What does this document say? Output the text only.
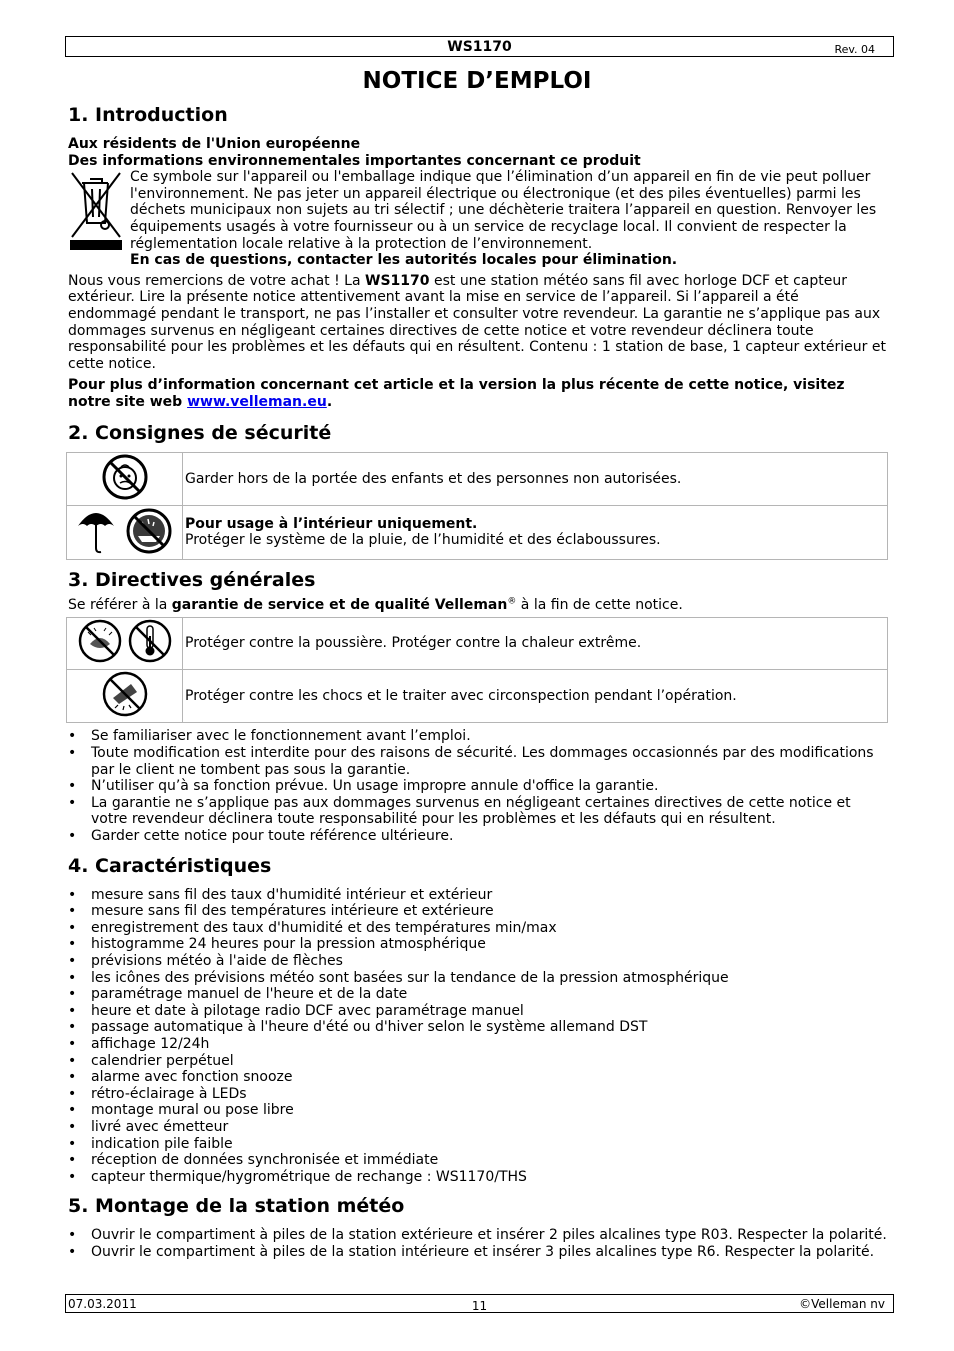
WS1170	Rev. 04
NOTICE D’EMPLOI
1. Introduction

Aux résidents de l'Union européenne

Des informations environnementales importantes concernant ce produit

Ce symbole sur l'appareil ou l'emballage indique que l’élimination d’un appareil en fin de vie peut polluer l'environnement. Ne pas jeter un appareil électrique ou électronique (et des piles éventuelles) parmi les déchets municipaux non sujets au tri sélectif ; une déchèterie traitera l’appareil en question. Renvoyer les équipements usagés à votre fournisseur ou à un service de recyclage local. Il convient de respecter la réglementation locale relative à la protection de l’environnement.

En cas de questions, contacter les autorités locales pour élimination.

Nous vous remercions de votre achat ! La WS1170 est une station météo sans fil avec horloge DCF et capteur extérieur. Lire la présente notice attentivement avant la mise en service de l’appareil. Si l’appareil a été endommagé pendant le transport, ne pas l’installer et consulter votre revendeur. La garantie ne s’applique pas aux dommages survenus en négligeant certaines directives de cette notice et votre revendeur déclinera toute responsabilité pour les problèmes et les défauts qui en résultent. Contenu : 1 station de base, 1 capteur extérieur et cette notice.

Pour plus d’information concernant cet article et la version la plus récente de cette notice, visitez notre site web www.velleman.eu.

2. Consignes de sécurité
	Garder hors de la portée des enfants et des personnes non autorisées.

Pour usage à l’intérieur uniquement.
Protéger le système de la pluie, de l’humidité et des éclaboussures.
3. Directives générales

Se référer à la garantie de service et de qualité Velleman® à la fin de cette notice.

	Protéger contre la poussière. Protéger contre la chaleur extrême.
	Protéger contre les chocs et le traiter avec circonspection pendant l’opération.
• Se familiariser avec le fonctionnement avant l’emploi.
• Toute modification est interdite pour des raisons de sécurité. Les dommages occasionnés par des modifications par le client ne tombent pas sous la garantie.
• N’utiliser qu’à sa fonction prévue. Un usage impropre annule d'office la garantie.
• La garantie ne s’applique pas aux dommages survenus en négligeant certaines directives de cette notice et votre revendeur déclinera toute responsabilité pour les problèmes et les défauts qui en résultent.
• Garder cette notice pour toute référence ultérieure.
4. Caractéristiques
• mesure sans fil des taux d'humidité intérieur et extérieur
• mesure sans fil des températures intérieure et extérieure
• enregistrement des taux d'humidité et des températures min/max
• histogramme 24 heures pour la pression atmosphérique
• prévisions météo à l'aide de flèches
• les icônes des prévisions météo sont basées sur la tendance de la pression atmosphérique
• paramétrage manuel de l'heure et de la date
• heure et date à pilotage radio DCF avec paramétrage manuel
• passage automatique à l'heure d'été ou d'hiver selon le système allemand DST
• affichage 12/24h
• calendrier perpétuel
• alarme avec fonction snooze
• rétro-éclairage à LEDs
• montage mural ou pose libre
• livré avec émetteur
• indication pile faible
• réception de données synchronisée et immédiate
• capteur thermique/hygrométrique de rechange : WS1170/THS
5. Montage de la station météo
• Ouvrir le compartiment à piles de la station extérieure et insérer 2 piles alcalines type R03. Respecter la polarité.
• Ouvrir le compartiment à piles de la station intérieure et insérer 3 piles alcalines type R6. Respecter la polarité.
07.03.2011	11	©Velleman nv
